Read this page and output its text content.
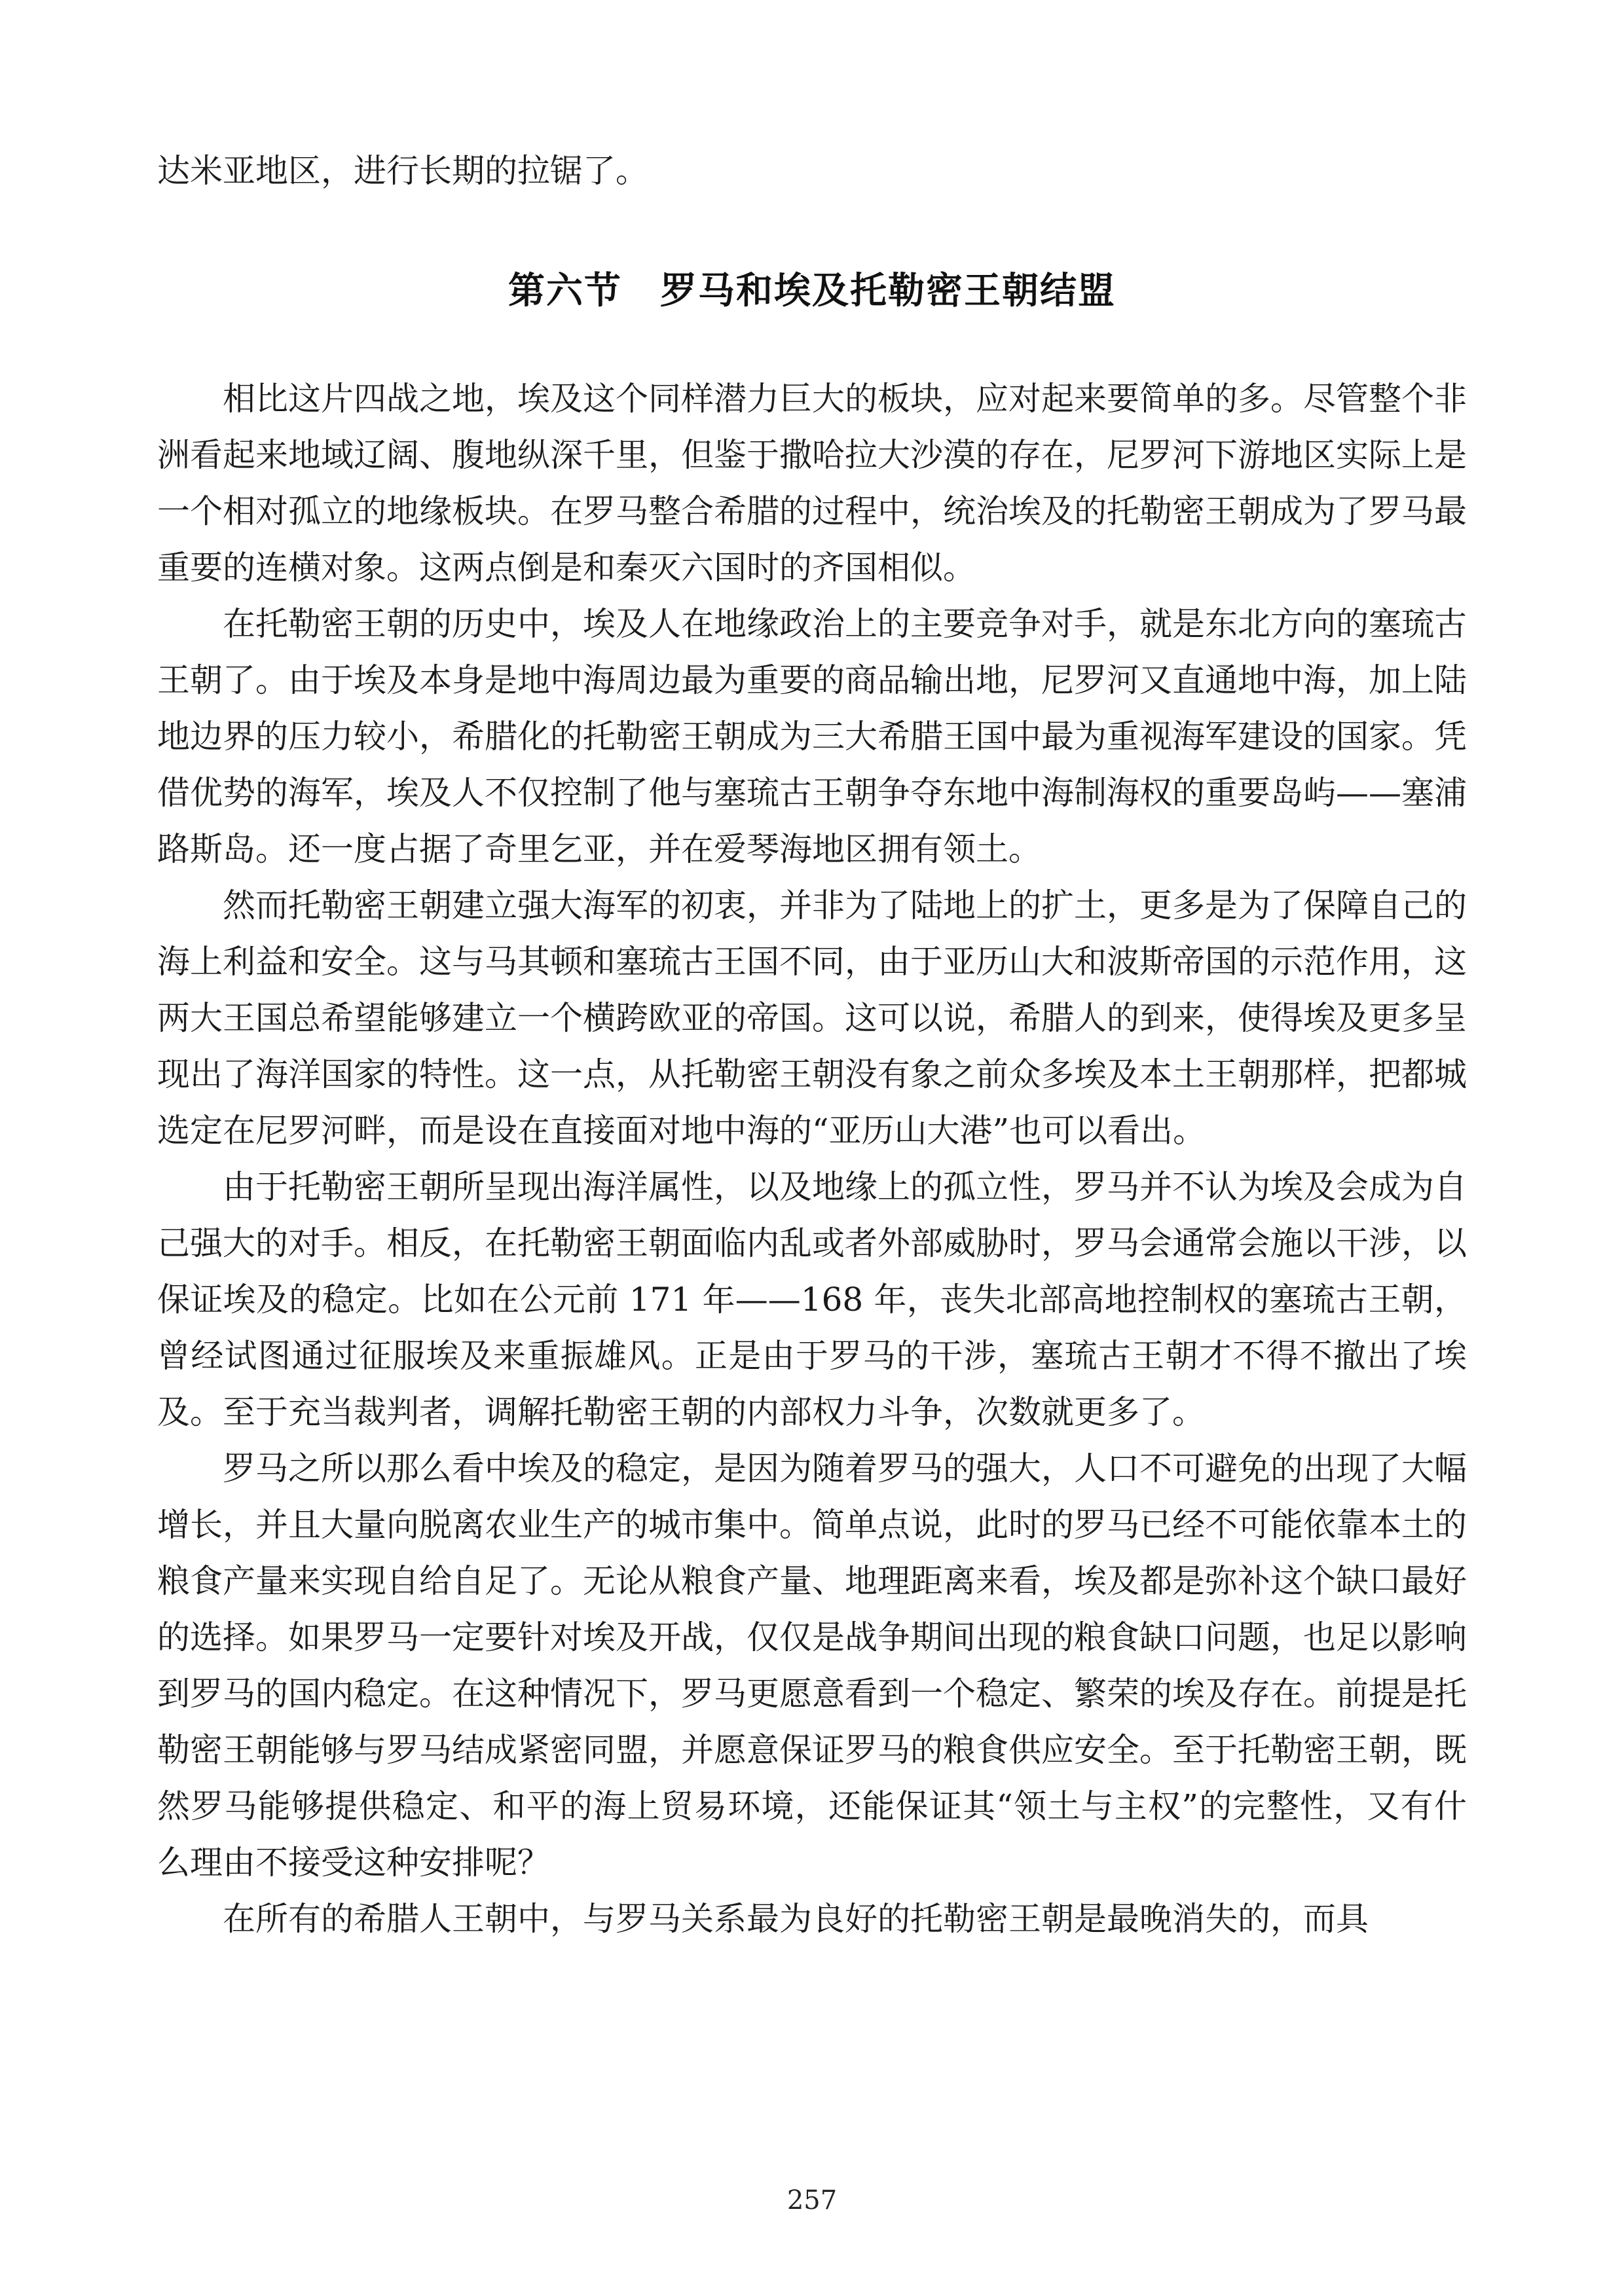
达米亚地区，进行长期的拉锯了。
第六节　罗马和埃及托勒密王朝结盟

相比这片四战之地，埃及这个同样潜力巨大的板块，应对起来要简单的多。尽管整个非洲看起来地域辽阔、腹地纵深千里，但鉴于撒哈拉大沙漠的存在，尼罗河下游地区实际上是一个相对孤立的地缘板块。在罗马整合希腊的过程中，统治埃及的托勒密王朝成为了罗马最重要的连横对象。这两点倒是和秦灭六国时的齐国相似。

在托勒密王朝的历史中，埃及人在地缘政治上的主要竞争对手，就是东北方向的塞琉古王朝了。由于埃及本身是地中海周边最为重要的商品输出地，尼罗河又直通地中海，加上陆地边界的压力较小，希腊化的托勒密王朝成为三大希腊王国中最为重视海军建设的国家。凭借优势的海军，埃及人不仅控制了他与塞琉古王朝争夺东地中海制海权的重要岛屿——塞浦路斯岛。还一度占据了奇里乞亚，并在爱琴海地区拥有领土。

然而托勒密王朝建立强大海军的初衷，并非为了陆地上的扩土，更多是为了保障自己的海上利益和安全。这与马其顿和塞琉古王国不同，由于亚历山大和波斯帝国的示范作用，这两大王国总希望能够建立一个横跨欧亚的帝国。这可以说，希腊人的到来，使得埃及更多呈现出了海洋国家的特性。这一点，从托勒密王朝没有象之前众多埃及本土王朝那样，把都城选定在尼罗河畔，而是设在直接面对地中海的“亚历山大港”也可以看出。

由于托勒密王朝所呈现出海洋属性，以及地缘上的孤立性，罗马并不认为埃及会成为自己强大的对手。相反，在托勒密王朝面临内乱或者外部威胁时，罗马会通常会施以干涉，以保证埃及的稳定。比如在公元前 171 年——168 年，丧失北部高地控制权的塞琉古王朝，曾经试图通过征服埃及来重振雄风。正是由于罗马的干涉，塞琉古王朝才不得不撤出了埃及。至于充当裁判者，调解托勒密王朝的内部权力斗争，次数就更多了。

罗马之所以那么看中埃及的稳定，是因为随着罗马的强大，人口不可避免的出现了大幅增长，并且大量向脱离农业生产的城市集中。简单点说，此时的罗马已经不可能依靠本土的粮食产量来实现自给自足了。无论从粮食产量、地理距离来看，埃及都是弥补这个缺口最好的选择。如果罗马一定要针对埃及开战，仅仅是战争期间出现的粮食缺口问题，也足以影响到罗马的国内稳定。在这种情况下，罗马更愿意看到一个稳定、繁荣的埃及存在。前提是托勒密王朝能够与罗马结成紧密同盟，并愿意保证罗马的粮食供应安全。至于托勒密王朝，既然罗马能够提供稳定、和平的海上贸易环境，还能保证其“领土与主权”的完整性，又有什么理由不接受这种安排呢？

在所有的希腊人王朝中，与罗马关系最为良好的托勒密王朝是最晚消失的，而具

257
